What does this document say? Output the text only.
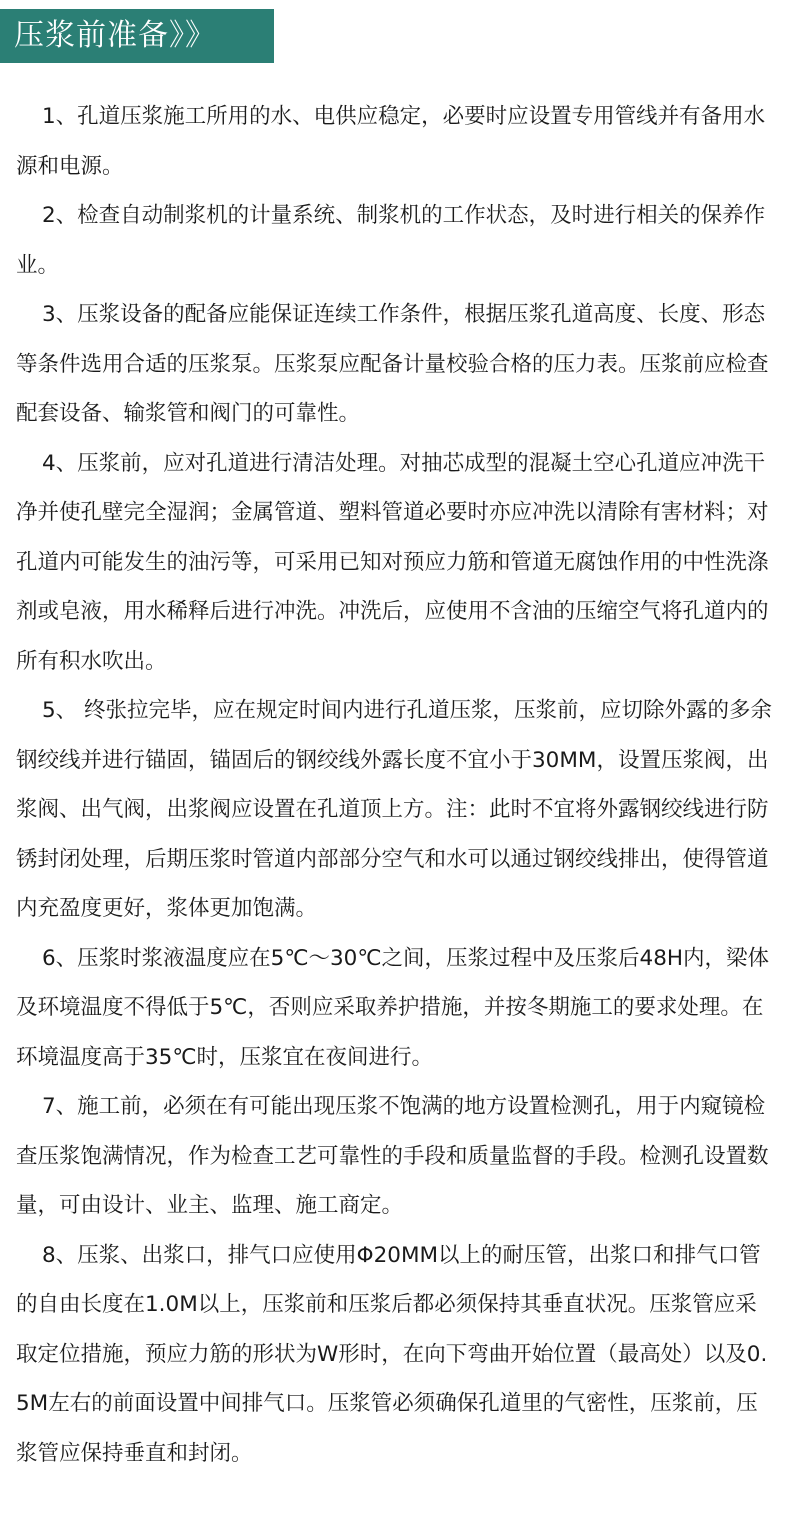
压浆前准备》》

1、孔道压浆施工所用的水、电供应稳定，必要时应设置专用管线并有备用水源和电源。

2、检查自动制浆机的计量系统、制浆机的工作状态，及时进行相关的保养作业。

3、压浆设备的配备应能保证连续工作条件，根据压浆孔道高度、长度、形态等条件选用合适的压浆泵。压浆泵应配备计量校验合格的压力表。压浆前应检查配套设备、输浆管和阀门的可靠性。

4、压浆前，应对孔道进行清洁处理。对抽芯成型的混凝土空心孔道应冲洗干净并使孔壁完全湿润；金属管道、塑料管道必要时亦应冲洗以清除有害材料；对孔道内可能发生的油污等，可采用已知对预应力筋和管道无腐蚀作用的中性洗涤剂或皂液，用水稀释后进行冲洗。冲洗后，应使用不含油的压缩空气将孔道内的所有积水吹出。

5、 终张拉完毕，应在规定时间内进行孔道压浆，压浆前，应切除外露的多余钢绞线并进行锚固，锚固后的钢绞线外露长度不宜小于30MM，设置压浆阀，出浆阀、出气阀，出浆阀应设置在孔道顶上方。注：此时不宜将外露钢绞线进行防锈封闭处理，后期压浆时管道内部部分空气和水可以通过钢绞线排出，使得管道内充盈度更好，浆体更加饱满。

6、压浆时浆液温度应在5℃～30℃之间，压浆过程中及压浆后48H内，梁体及环境温度不得低于5℃，否则应采取养护措施，并按冬期施工的要求处理。在环境温度高于35℃时，压浆宜在夜间进行。

7、施工前，必须在有可能出现压浆不饱满的地方设置检测孔，用于内窥镜检查压浆饱满情况，作为检查工艺可靠性的手段和质量监督的手段。检测孔设置数量，可由设计、业主、监理、施工商定。

8、压浆、出浆口，排气口应使用Φ20MM以上的耐压管，出浆口和排气口管的自由长度在1.0M以上，压浆前和压浆后都必须保持其垂直状况。压浆管应采取定位措施，预应力筋的形状为W形时，在向下弯曲开始位置（最高处）以及0.5M左右的前面设置中间排气口。压浆管必须确保孔道里的气密性，压浆前，压浆管应保持垂直和封闭。
